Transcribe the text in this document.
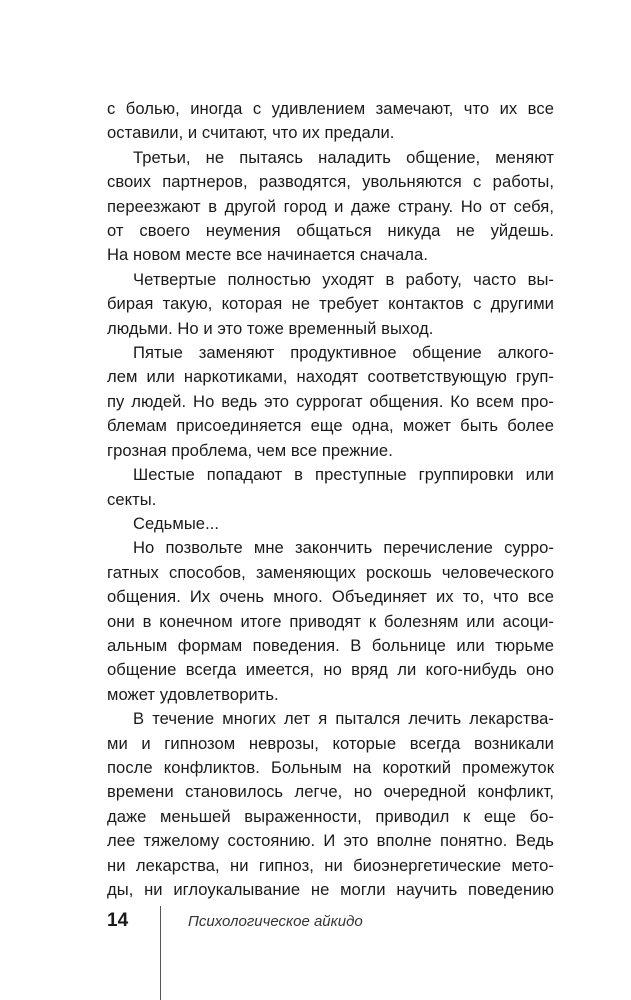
с болью, иногда с удивлением замечают, что их все

оставили, и считают, что их предали.

Третьи, не пытаясь наладить общение, меняют

своих партнеров, разводятся, увольняются с работы,

переезжают в другой город и даже страну. Но от себя,

от своего неумения общаться никуда не уйдешь.

На новом месте все начинается сначала.

Четвертые полностью уходят в работу, часто вы-

бирая такую, которая не требует контактов с другими

людьми. Но и это тоже временный выход.

Пятые заменяют продуктивное общение алкого-

лем или наркотиками, находят соответствующую груп-

пу людей. Но ведь это суррогат общения. Ко всем про-

блемам присоединяется еще одна, может быть более

грозная проблема, чем все прежние.

Шестые попадают в преступные группировки или

секты.

Седьмые...

Но позвольте мне закончить перечисление сурро-

гатных способов, заменяющих роскошь человеческого

общения. Их очень много. Объединяет их то, что все

они в конечном итоге приводят к болезням или асоци-

альным формам поведения. В больнице или тюрьме

общение всегда имеется, но вряд ли кого-нибудь оно

может удовлетворить.

В течение многих лет я пытался лечить лекарства-

ми и гипнозом неврозы, которые всегда возникали

после конфликтов. Больным на короткий промежуток

времени становилось легче, но очередной конфликт,

даже меньшей выраженности, приводил к еще бо-

лее тяжелому состоянию. И это вполне понятно. Ведь

ни лекарства, ни гипноз, ни биоэнергетические мето-

ды, ни иглоукалывание не могли научить поведению

14	Психологическое айкидо
